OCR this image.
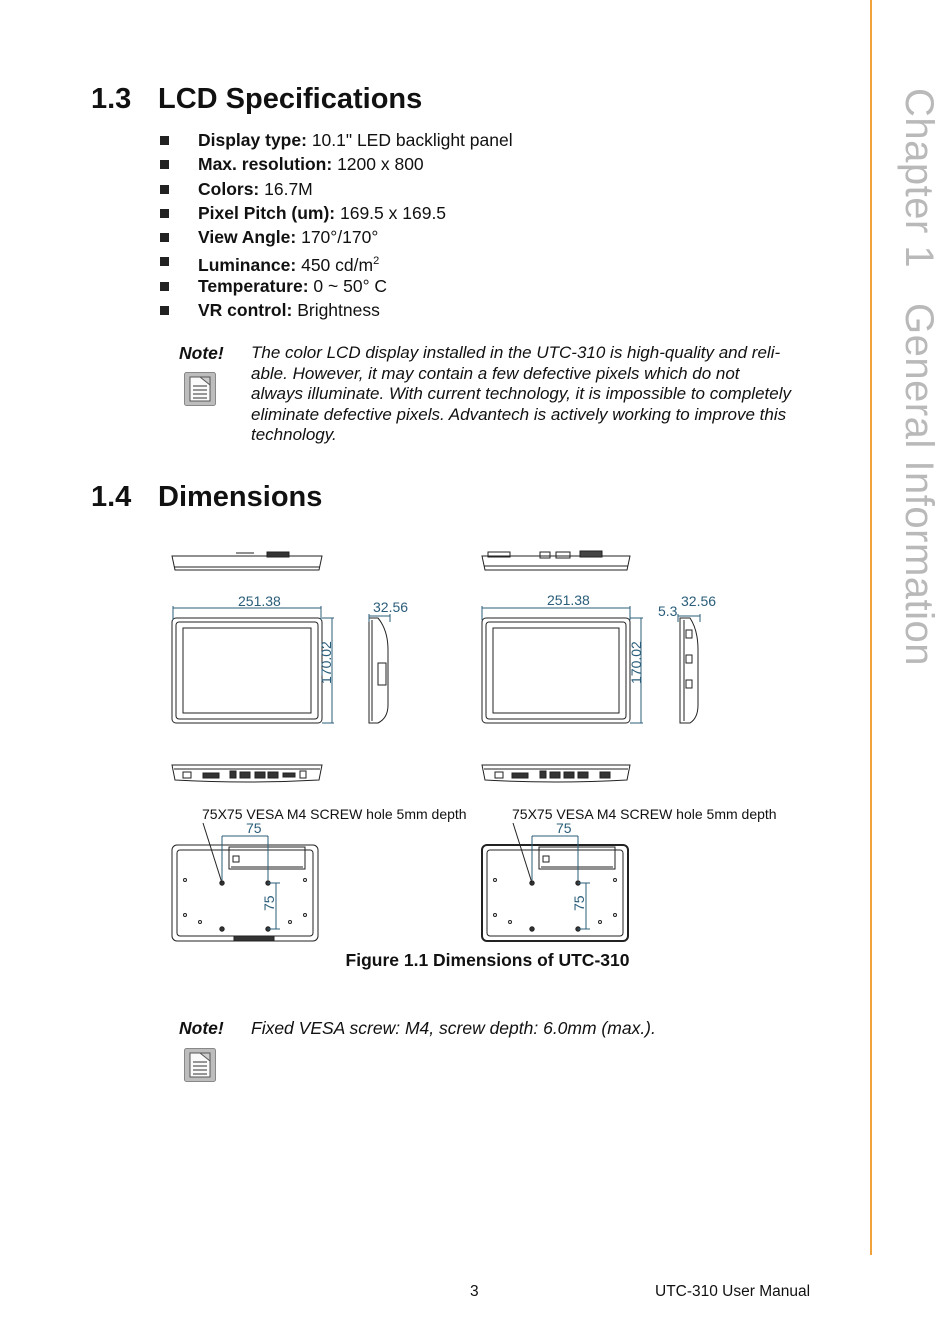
Chapter 1   General Information
1.3 LCD Specifications
Display type: 10.1" LED backlight panel
Max. resolution: 1200 x 800
Colors: 16.7M
Pixel Pitch (um): 169.5 x 169.5
View Angle: 170°/170°
Luminance: 450 $cd/m^2$
Temperature: 0 ~ 50° C
VR control: Brightness
Note! The color LCD display installed in the UTC-310 is high-quality and reli-
able. However, it may contain a few defective pixels which do not
always illuminate. With current technology, it is impossible to completely
eliminate defective pixels. Advantech is actively working to improve this
technology.
1.4 Dimensions
251.38	32.56
170.02
75
75
75X75 VESA M4 SCREW hole 5mm depth
251.38	32.56
5.3
170.02
75
75
75X75 VESA M4 SCREW hole 5mm depth
Figure 1.1 Dimensions of UTC-310
Note! Fixed VESA screw: M4, screw depth: 6.0mm (max.).
3	UTC-310 User Manual
